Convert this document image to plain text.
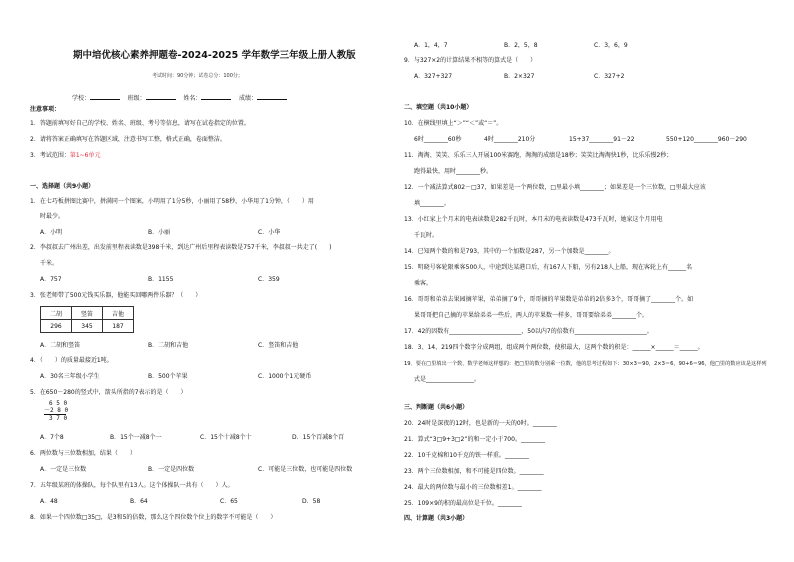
期中培优核心素养押题卷-2024-2025 学年数学三年级上册人教版
考试时间：90分钟；试卷总分：100分；
学校：	班级：	姓名：	成绩：
注意事项：
1．答题前填写好自己的学校、姓名、班级、考号等信息，请写在试卷指定的位置。
2．请将答案正确填写在答题区域，注意书写工整，格式正确，卷面整洁。
3．考试范围：第1~6单元
一、选择题（共9小题）
1．在七巧板拼图比赛中，拼满同一个图案，小明用了1分5秒，小丽用了58秒，小华用了1分钟，（　　）用
时最少。
A．小明	B．小丽	C．小华
2．李叔叔去广州出差，出发前里程表读数是398千米，到达广州后里程表读数是757千米，李叔叔一共走了(　　)
千米。
A．757	B．1155	C．359
3．张老师带了500元钱买乐器，他能买回哪两件乐器？（　　）
二胡	竖笛	吉他
296	345	187
A．二胡和竖笛	B．二胡和吉他	C．竖笛和吉他
4．（　　）的质量最接近1吨。
A．30名三年级小学生	B．500个苹果	C．1000个1元硬币
5．在650－280的竖式中，箭头所指的7表示的是（　　）
6 5 0
－2 8 0
3 7 0
A．7个8	B．15个一减8个一	C．15个十减8个十	D．15个百减8个百
6．两位数与三位数相加，结果（　　）
A．一定是三位数	B．一定是四位数	C．可能是三位数，也可能是四位数
7．五年级某班的体操队，每个队里有13人。这个体操队一共有（　　）人。
A．48	B．64	C．65	D．58
8．如果一个四位数□35□，是3和5的倍数，那么这个四位数个位上的数字不可能是（　　）
A．1，4，7	B．2，5，8	C．3，6，9
9．与327×2的计算结果不相等的算式是（　　）
A．327+327	B．2×327	C．327+2
二、填空题（共10小题）
10．在横线里填上“＞”“＜”或“＝”。
6时________60秒	4时________210分	15+37________91－22	550+120________960－290
11．淘淘、笑笑、乐乐三人开展100米赛跑，淘淘的成绩是18秒；笑笑比淘淘快1秒，比乐乐慢2秒；
跑得最快，用时________秒。
12．一个减法算式802－□37，如果差是一个两位数，□里最小填________；如果差是一个三位数，□里最大应该
填________。
13．小红家上个月末的电表读数是282千瓦时，本月末的电表读数是473千瓦时，她家这个月用电
千瓦时。
14．已知两个数的和是793，其中的一个加数是287，另一个加数是________。
15．明晓号客轮限乘客500人，中途到达某港口后，有167人下船，另有218人上船，现在客轮上有______名
乘客。
16．哥哥和弟弟去果园摘苹果，弟弟摘了9个，哥哥摘的苹果数是弟弟的2倍多3个，哥哥摘了________个。如
果哥哥把自己摘的苹果给弟弟一些后，两人的苹果数一样多，哥哥要给弟弟________个。
17．42的因数有________________________，50以内7的倍数有________________________。
18．3、14、219四个数字分成两组，组成两个两位数，使积最大，这两个数的积是：______×______＝______。
19．要在□里填出一个数，数学老师这样想的：把□里的数分别乘一位数，他的思考过程如下：30×3＝90，2×3＝6，90+6＝96，他□里的数应该是这样列
式是________________。
三、判断题（共6小题）
20．24时是深夜的12时，也是新的一天的0时。________
21．算式“3□9+3□2”的和一定小于700。________
22．10千克棉和10千克的铁一样重。________
23．两个三位数相加，和不可能是四位数。________
24．最大的两位数与最小的三位数相差1。________
25．109×9的积的最高位是千位。________
四、计算题（共3小题）
